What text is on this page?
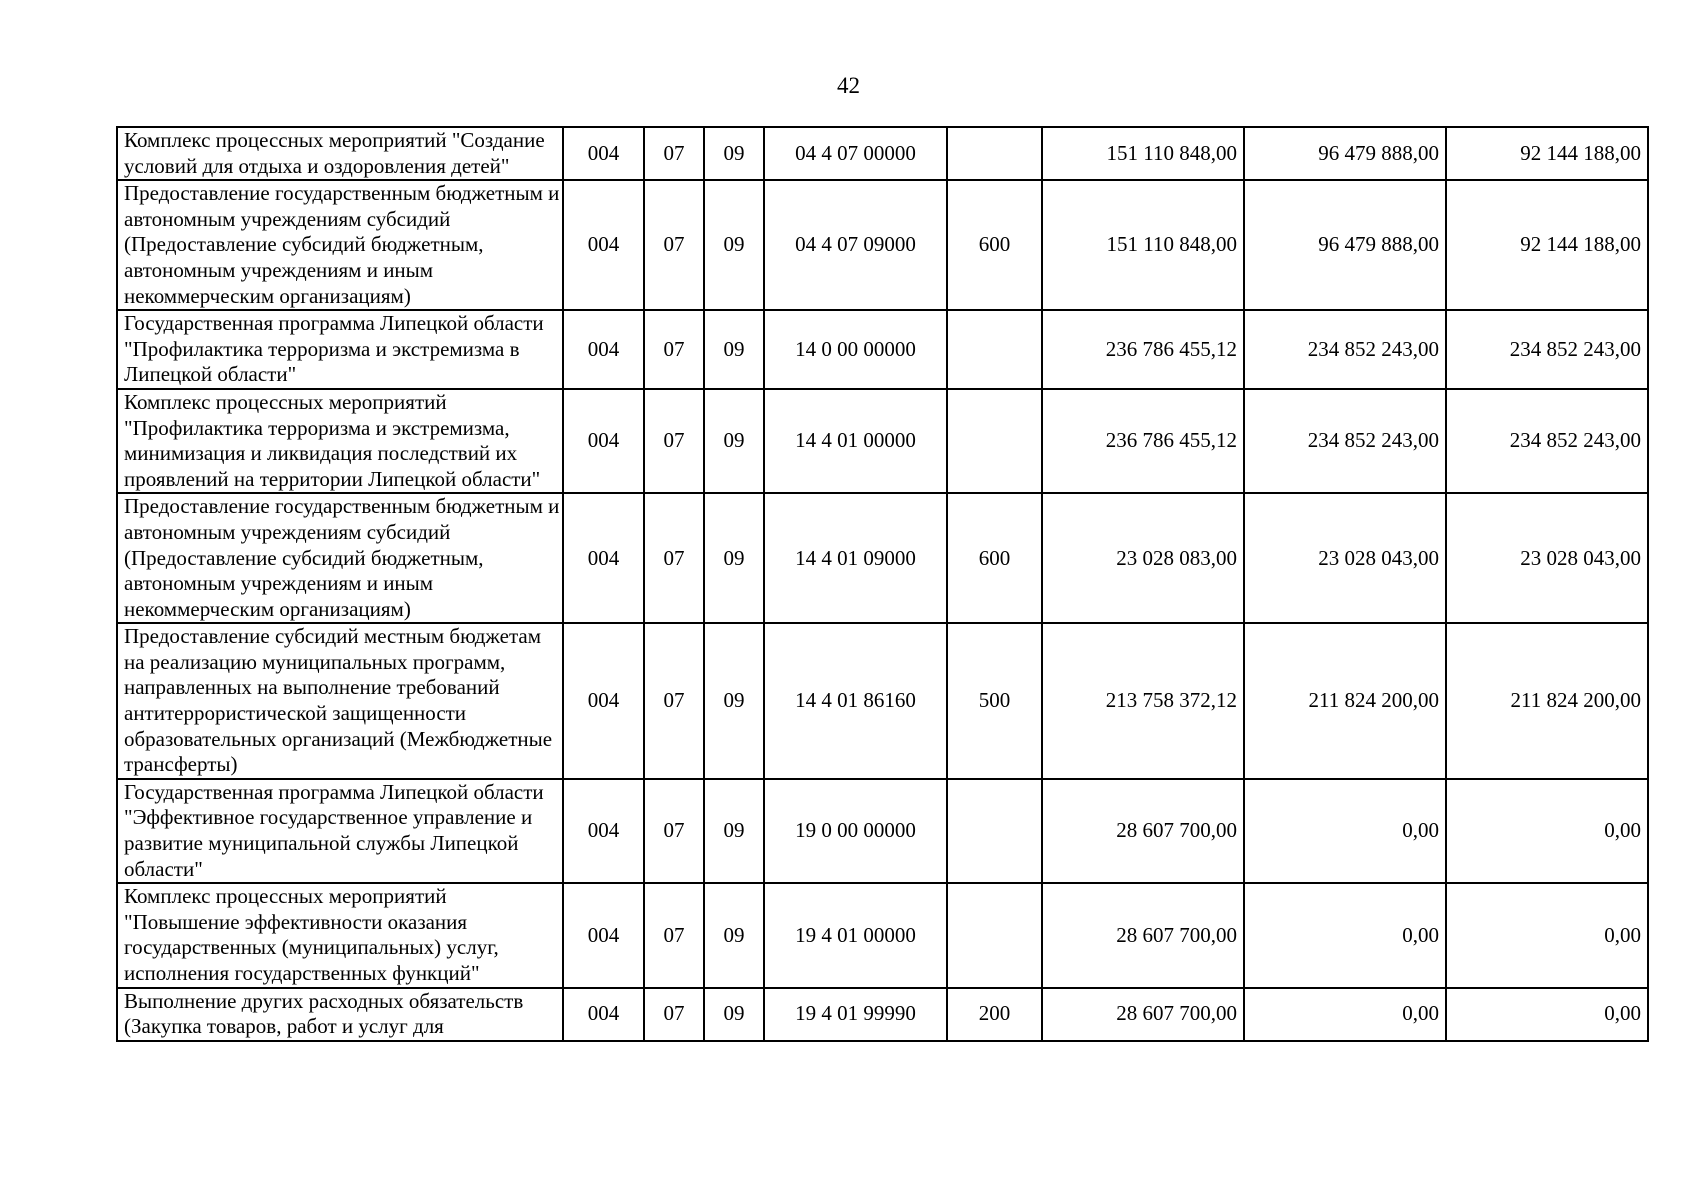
42
Комплекс процессных мероприятий "Создание условий для отдыха и оздоровления детей"	004	07	09	04 4 07 00000		151 110 848,00	96 479 888,00	92 144 188,00
Предоставление государственным бюджетным и автономным учреждениям субсидий (Предоставление субсидий бюджетным, автономным учреждениям и иным некоммерческим организациям)	004	07	09	04 4 07 09000	600	151 110 848,00	96 479 888,00	92 144 188,00
Государственная программа Липецкой области "Профилактика терроризма и экстремизма в Липецкой области"	004	07	09	14 0 00 00000		236 786 455,12	234 852 243,00	234 852 243,00
Комплекс процессных мероприятий "Профилактика терроризма и экстремизма, минимизация и ликвидация последствий их проявлений на территории Липецкой области"	004	07	09	14 4 01 00000		236 786 455,12	234 852 243,00	234 852 243,00
Предоставление государственным бюджетным и автономным учреждениям субсидий (Предоставление субсидий бюджетным, автономным учреждениям и иным некоммерческим организациям)	004	07	09	14 4 01 09000	600	23 028 083,00	23 028 043,00	23 028 043,00
Предоставление субсидий местным бюджетам на реализацию муниципальных программ, направленных на выполнение требований антитеррористической защищенности образовательных организаций (Межбюджетные трансферты)	004	07	09	14 4 01 86160	500	213 758 372,12	211 824 200,00	211 824 200,00
Государственная программа Липецкой области "Эффективное государственное управление и развитие муниципальной службы Липецкой области"	004	07	09	19 0 00 00000		28 607 700,00	0,00	0,00
Комплекс процессных мероприятий "Повышение эффективности оказания государственных (муниципальных) услуг, исполнения государственных функций"	004	07	09	19 4 01 00000		28 607 700,00	0,00	0,00
Выполнение других расходных обязательств (Закупка товаров, работ и услуг для	004	07	09	19 4 01 99990	200	28 607 700,00	0,00	0,00
